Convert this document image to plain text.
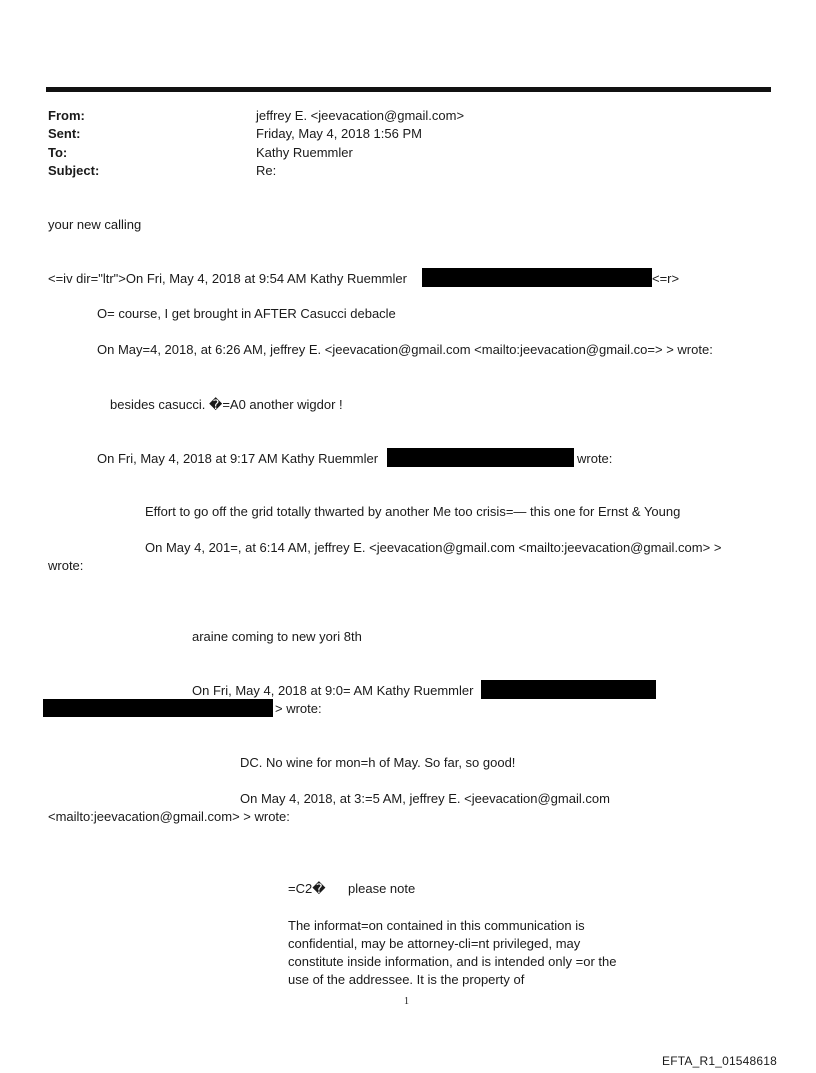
From:	jeffrey E. <jeevacation@gmail.com>
Sent:	Friday, May 4, 2018 1:56 PM
To:	Kathy Ruemmler
Subject:	Re:
your new calling
<=iv dir="ltr">On Fri, May 4, 2018 at 9:54 AM Kathy Ruemmler	<=r>
O= course, I get brought in AFTER Casucci debacle
On May=4, 2018, at 6:26 AM, jeffrey E. <jeevacation@gmail.com <mailto:jeevacation@gmail.co=> > wrote:
besides casucci. �=A0 another wigdor !
On Fri, May 4, 2018 at 9:17 AM Kathy Ruemmler	wrote:
Effort to go off the grid totally thwarted by another Me too crisis=— this one for Ernst & Young
On May 4, 201=, at 6:14 AM, jeffrey E. <jeevacation@gmail.com <mailto:jeevacation@gmail.com> >
wrote:
araine coming to new yori 8th
On Fri, May 4, 2018 at 9:0= AM Kathy Ruemmler
> wrote:
DC. No wine for mon=h of May. So far, so good!
On May 4, 2018, at 3:=5 AM, jeffrey E. <jeevacation@gmail.com
<mailto:jeevacation@gmail.com> > wrote:
=C2� please note
The informat=on contained in this communication is confidential, may be attorney-cli=nt privileged, may constitute inside information, and is intended only =or the use of the addressee. It is the property of
1
EFTA_R1_01548618
